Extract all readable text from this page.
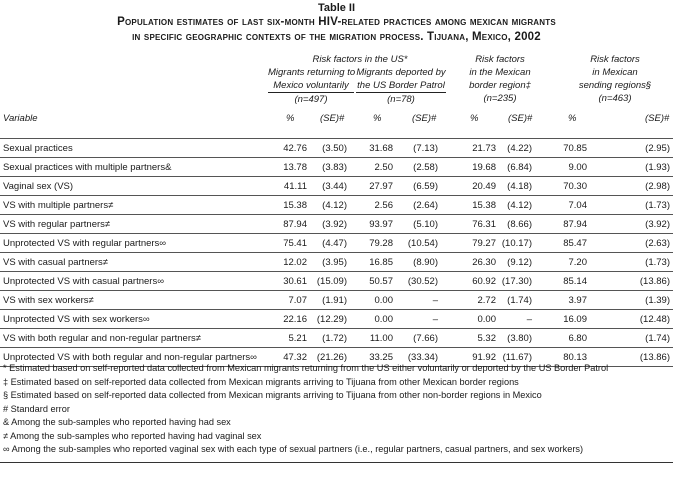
Table II
Population estimates of last six-month HIV-related practices among mexican migrants
in specific geographic contexts of the migration process. Tijuana, Mexico, 2002
Risk factors in the US*
Migrants returning to
Mexico voluntarily
(n=497)
Migrants deported by
the US Border Patrol
(n=78)
Risk factors
in the Mexican
border region‡
(n=235)
Risk factors
in Mexican
sending regions§
(n=463)
Variable	%	(SE)#	%	(SE)#	%	(SE)#	%	(SE)#
Sexual practices	42.76	(3.50)	31.68	(7.13)	21.73	(4.22)	70.85	(2.95)
Sexual practices with multiple partners&	13.78	(3.83)	2.50	(2.58)	19.68	(6.84)	9.00	(1.93)
Vaginal sex (VS)	41.11	(3.44)	27.97	(6.59)	20.49	(4.18)	70.30	(2.98)
VS with multiple partners≠	15.38	(4.12)	2.56	(2.64)	15.38	(4.12)	7.04	(1.73)
VS with regular partners≠	87.94	(3.92)	93.97	(5.10)	76.31	(8.66)	87.94	(3.92)
Unprotected VS with regular partners∞	75.41	(4.47)	79.28	(10.54)	79.27	(10.17)	85.47	(2.63)
VS with casual partners≠	12.02	(3.95)	16.85	(8.90)	26.30	(9.12)	7.20	(1.73)
Unprotected VS with casual partners∞	30.61	(15.09)	50.57	(30.52)	60.92	(17.30)	85.14	(13.86)
VS with sex workers≠	7.07	(1.91)	0.00	–	2.72	(1.74)	3.97	(1.39)
Unprotected VS with sex workers∞	22.16	(12.29)	0.00	–	0.00	–	16.09	(12.48)
VS with both regular and non-regular partners≠	5.21	(1.72)	11.00	(7.66)	5.32	(3.80)	6.80	(1.74)
Unprotected VS with both regular and non-regular partners∞	47.32	(21.26)	33.25	(33.34)	91.92	(11.67)	80.13	(13.86)
* Estimated based on self-reported data collected from Mexican migrants returning from the US either voluntarily or deported by the US Border Patrol
‡ Estimated based on self-reported data collected from Mexican migrants arriving to Tijuana from other Mexican border regions
§ Estimated based on self-reported data collected from Mexican migrants arriving to Tijuana from other non-border regions in Mexico
# Standard error
& Among the sub-samples who reported having had sex
≠ Among the sub-samples who reported having had vaginal sex
∞ Among the sub-samples who reported vaginal sex with each type of sexual partners (i.e., regular partners, casual partners, and sex workers)
